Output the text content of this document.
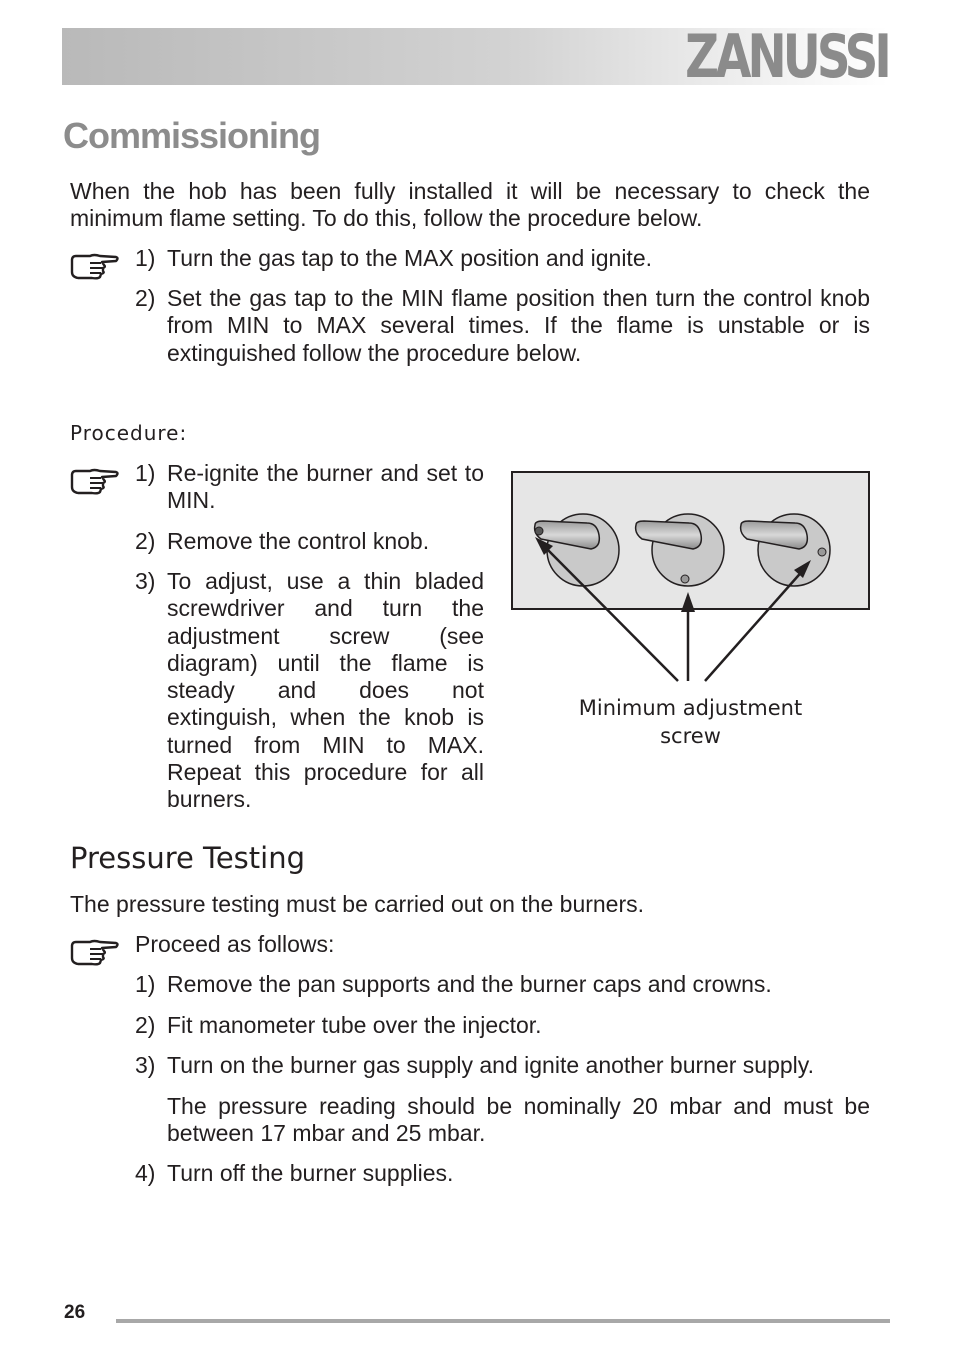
ZANUSSI
Commissioning
When the hob has been fully installed it will be necessary to check the minimum flame setting. To do this, follow the procedure below.
1) Turn the gas tap to the MAX position and ignite.
2) Set the gas tap to the MIN flame position then turn the control knob from MIN to MAX several times. If the flame is unstable or is extinguished follow the procedure below.
Procedure:
1) Re-ignite the burner and set to MIN.
2) Remove the control knob.
3) To adjust, use a thin bladed screwdriver and turn the adjustment screw (see diagram) until the flame is steady and does not extinguish, when the knob is turned from MIN to MAX. Repeat this procedure for all burners.
Minimum adjustment
screw
Pressure Testing
The pressure testing must be carried out on the burners.
Proceed as follows:
1) Remove the pan supports and the burner caps and crowns.
2) Fit manometer tube over the injector.
3) Turn on the burner gas supply and ignite another burner supply.
The pressure reading should be nominally 20 mbar and must be between 17 mbar and 25 mbar.
4) Turn off the burner supplies.
26
